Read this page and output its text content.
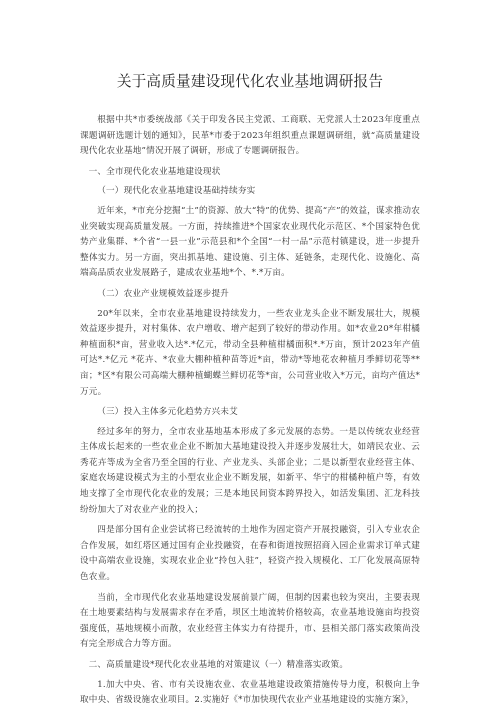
关于高质量建设现代化农业基地调研报告
根据中共*市委统战部《关于印发各民主党派、工商联、无党派人士2023年度重点课题调研选题计划的通知》，民革*市委于2023年组织重点课题调研组，就“高质量建设现代化农业基地”情况开展了调研，形成了专题调研报告。
一、全市现代化农业基地建设现状
（一）现代化农业基地建设基础持续夯实
近年来，*市充分挖掘“土”的资源、放大“特”的优势、提高“产”的效益，谋求推动农业突破实现高质量发展。一方面，持续推进*个国家农业现代化示范区、*个国家特色优势产业集群、*个省“一县一业”示范县和*个全国“一村一品”示范村镇建设，进一步提升整体实力。另一方面，突出抓基地、建设施、引主体、延链条，走现代化、设施化、高端高品质农业发展路子，建成农业基地*个、*.*万亩。
（二）农业产业规模效益逐步提升
20*年以来，全市农业基地建设持续发力，一些农业龙头企业不断发展壮大，规模效益逐步提升，对村集体、农户增收、增产起到了较好的带动作用。如*农业20*年柑橘种植面积*亩，营业收入达*.*亿元，带动全县种植柑橘面积*.*万亩，预计2023年产值可达*.*亿元 *花卉、*农业大棚种植种苗等近*亩，带动*等地花农种植月季鲜切花等**亩；*区*有限公司高端大棚种植蝴蝶兰鲜切花等*亩，公司营业收入*万元，亩均产值达*万元。
（三）投入主体多元化趋势方兴未艾
经过多年的努力，全市农业基地基本形成了多元发展的态势。一是以传统农业经营主体成长起来的一些农业企业不断加大基地建设投入并逐步发展壮大，如靖民农业、云秀花卉等成为全省乃至全国的行业、产业龙头、头部企业；二是以新型农业经营主体、家庭农场建设模式为主的小型农业企业不断发展，如新平、华宁的柑橘种植户等，有效地支撑了全市现代化农业的发展；三是本地民间资本跨界投入，如活发集团、汇龙科技纷纷加大了对农业产业的投入；
四是部分国有企业尝试将已经流转的土地作为固定资产开展投融资，引入专业农企合作发展，如红塔区通过国有企业投融资，在春和街道按照招商入园企业需求订单式建设中高端农业设施，实现农业企业“拎包入驻”，轻资产投入规模化、工厂化发展高原特色农业。
当前，全市现代化农业基地建设发展前景广阔，但制约因素也较为突出，主要表现在土地要素结构与发展需求存在矛盾，坝区土地流转价格较高，农业基地设施亩均投资强度低，基地规模小而散，农业经营主体实力有待提升，市、县相关部门落实政策尚没有完全形成合力等方面。
二、高质量建设*现代化农业基地的对策建议（一）精准落实政策。
1.加大中央、省、市有关设施农业、农业基地建设政策措施传导力度，积极向上争取中央、省级设施农业项目。2.实施好《*市加快现代农业产业基地建设的实施方案》，
